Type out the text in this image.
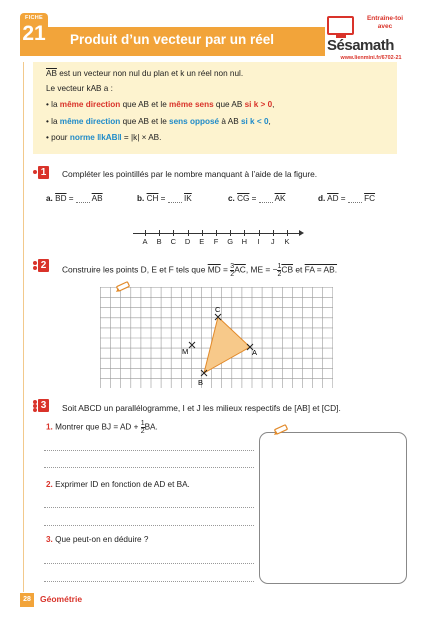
FICHE
21 Produit d’un vecteur par un réel
Entraîne-toi
avec
Sésamath
www.lienmini.fr/6702-21
$\overline{AB}$ est un vecteur non nul du plan et k un réel non nul.
Le vecteur kAB a :
• la même direction que AB et le même sens que AB si k > 0,
• la même direction que AB et le sens opposé à AB si k < 0,
• pour norme ‖kAB‖ = |k| × AB.
1	Compléter les pointillés par le nombre manquant à l’aide de la figure.
a. $\overline{BD} = \overline{AB}$	b. $\overline{CH} = \overline{IK}$	c. $\overline{CG} = \overline{AK}$	d. $\overline{AD} = \overline{FC}$
A	B	C	D	E	F	G	H	I	J	K
2	Construire les points D, E et F tels que $\overline{MD} = \frac{3}{2} \overline{AC}$, ME = − $\frac{1}{2} \overline{CB}$ et FA = AB.
C
A
B
M
3	Soit ABCD un parallélogramme, I et J les milieux respectifs de [AB] et [CD].
1. Montrer que BJ = AD + $\frac{1}{2}$ BA.
2. Exprimer ID en fonction de AD et BA.
3. Que peut-on en déduire ?
28	Géométrie
